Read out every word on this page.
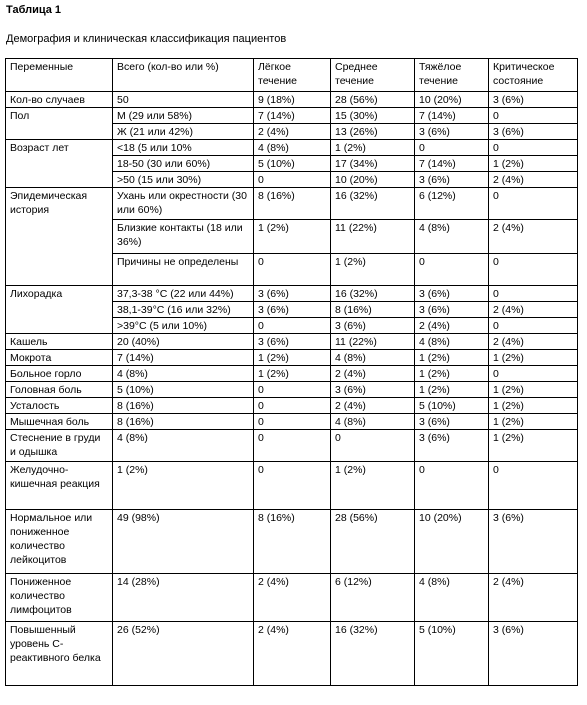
Таблица 1
Демография и клиническая классификация пациентов
Переменные	Всего (кол-во или %)	Лёгкое течение	Среднее течение	Тяжёлое течение	Критическое состояние
Кол-во случаев	50	9 (18%)	28 (56%)	10 (20%)	3 (6%)
Пол	М (29 или 58%)	7 (14%)	15 (30%)	7 (14%)	0
	Ж (21 или 42%)	2 (4%)	13 (26%)	3 (6%)	3 (6%)
Возраст лет	<18 (5 или 10%	4 (8%)	1 (2%)	0	0
	18-50 (30 или 60%)	5 (10%)	17 (34%)	7 (14%)	1 (2%)
	>50 (15 или 30%)	0	10 (20%)	3 (6%)	2 (4%)
Эпидемическая история	Ухань или окрестности (30 или 60%)	8 (16%)	16 (32%)	6 (12%)	0
	Близкие контакты (18 или 36%)	1 (2%)	11 (22%)	4 (8%)	2 (4%)
	Причины не определены	0	1 (2%)	0	0
Лихорадка	37,3-38 °C (22 или 44%)	3 (6%)	16 (32%)	3 (6%)	0
	38,1-39°C (16 или 32%)	3 (6%)	8 (16%)	3 (6%)	2 (4%)
	>39°C (5 или 10%)	0	3 (6%)	2 (4%)	0
Кашель	20 (40%)	3 (6%)	11 (22%)	4 (8%)	2 (4%)
Мокрота	7 (14%)	1 (2%)	4 (8%)	1 (2%)	1 (2%)
Больное горло	4 (8%)	1 (2%)	2 (4%)	1 (2%)	0
Головная боль	5 (10%)	0	3 (6%)	1 (2%)	1 (2%)
Усталость	8 (16%)	0	2 (4%)	5 (10%)	1 (2%)
Мышечная боль	8 (16%)	0	4 (8%)	3 (6%)	1 (2%)
Стеснение в груди и одышка	4 (8%)	0	0	3 (6%)	1 (2%)
Желудочно-кишечная реакция	1 (2%)	0	1 (2%)	0	0
Нормальное или пониженное количество лейкоцитов	49 (98%)	8 (16%)	28 (56%)	10 (20%)	3 (6%)
Пониженное количество лимфоцитов	14 (28%)	2 (4%)	6 (12%)	4 (8%)	2 (4%)
Повышенный уровень С-реактивного белка	26 (52%)	2 (4%)	16 (32%)	5 (10%)	3 (6%)
